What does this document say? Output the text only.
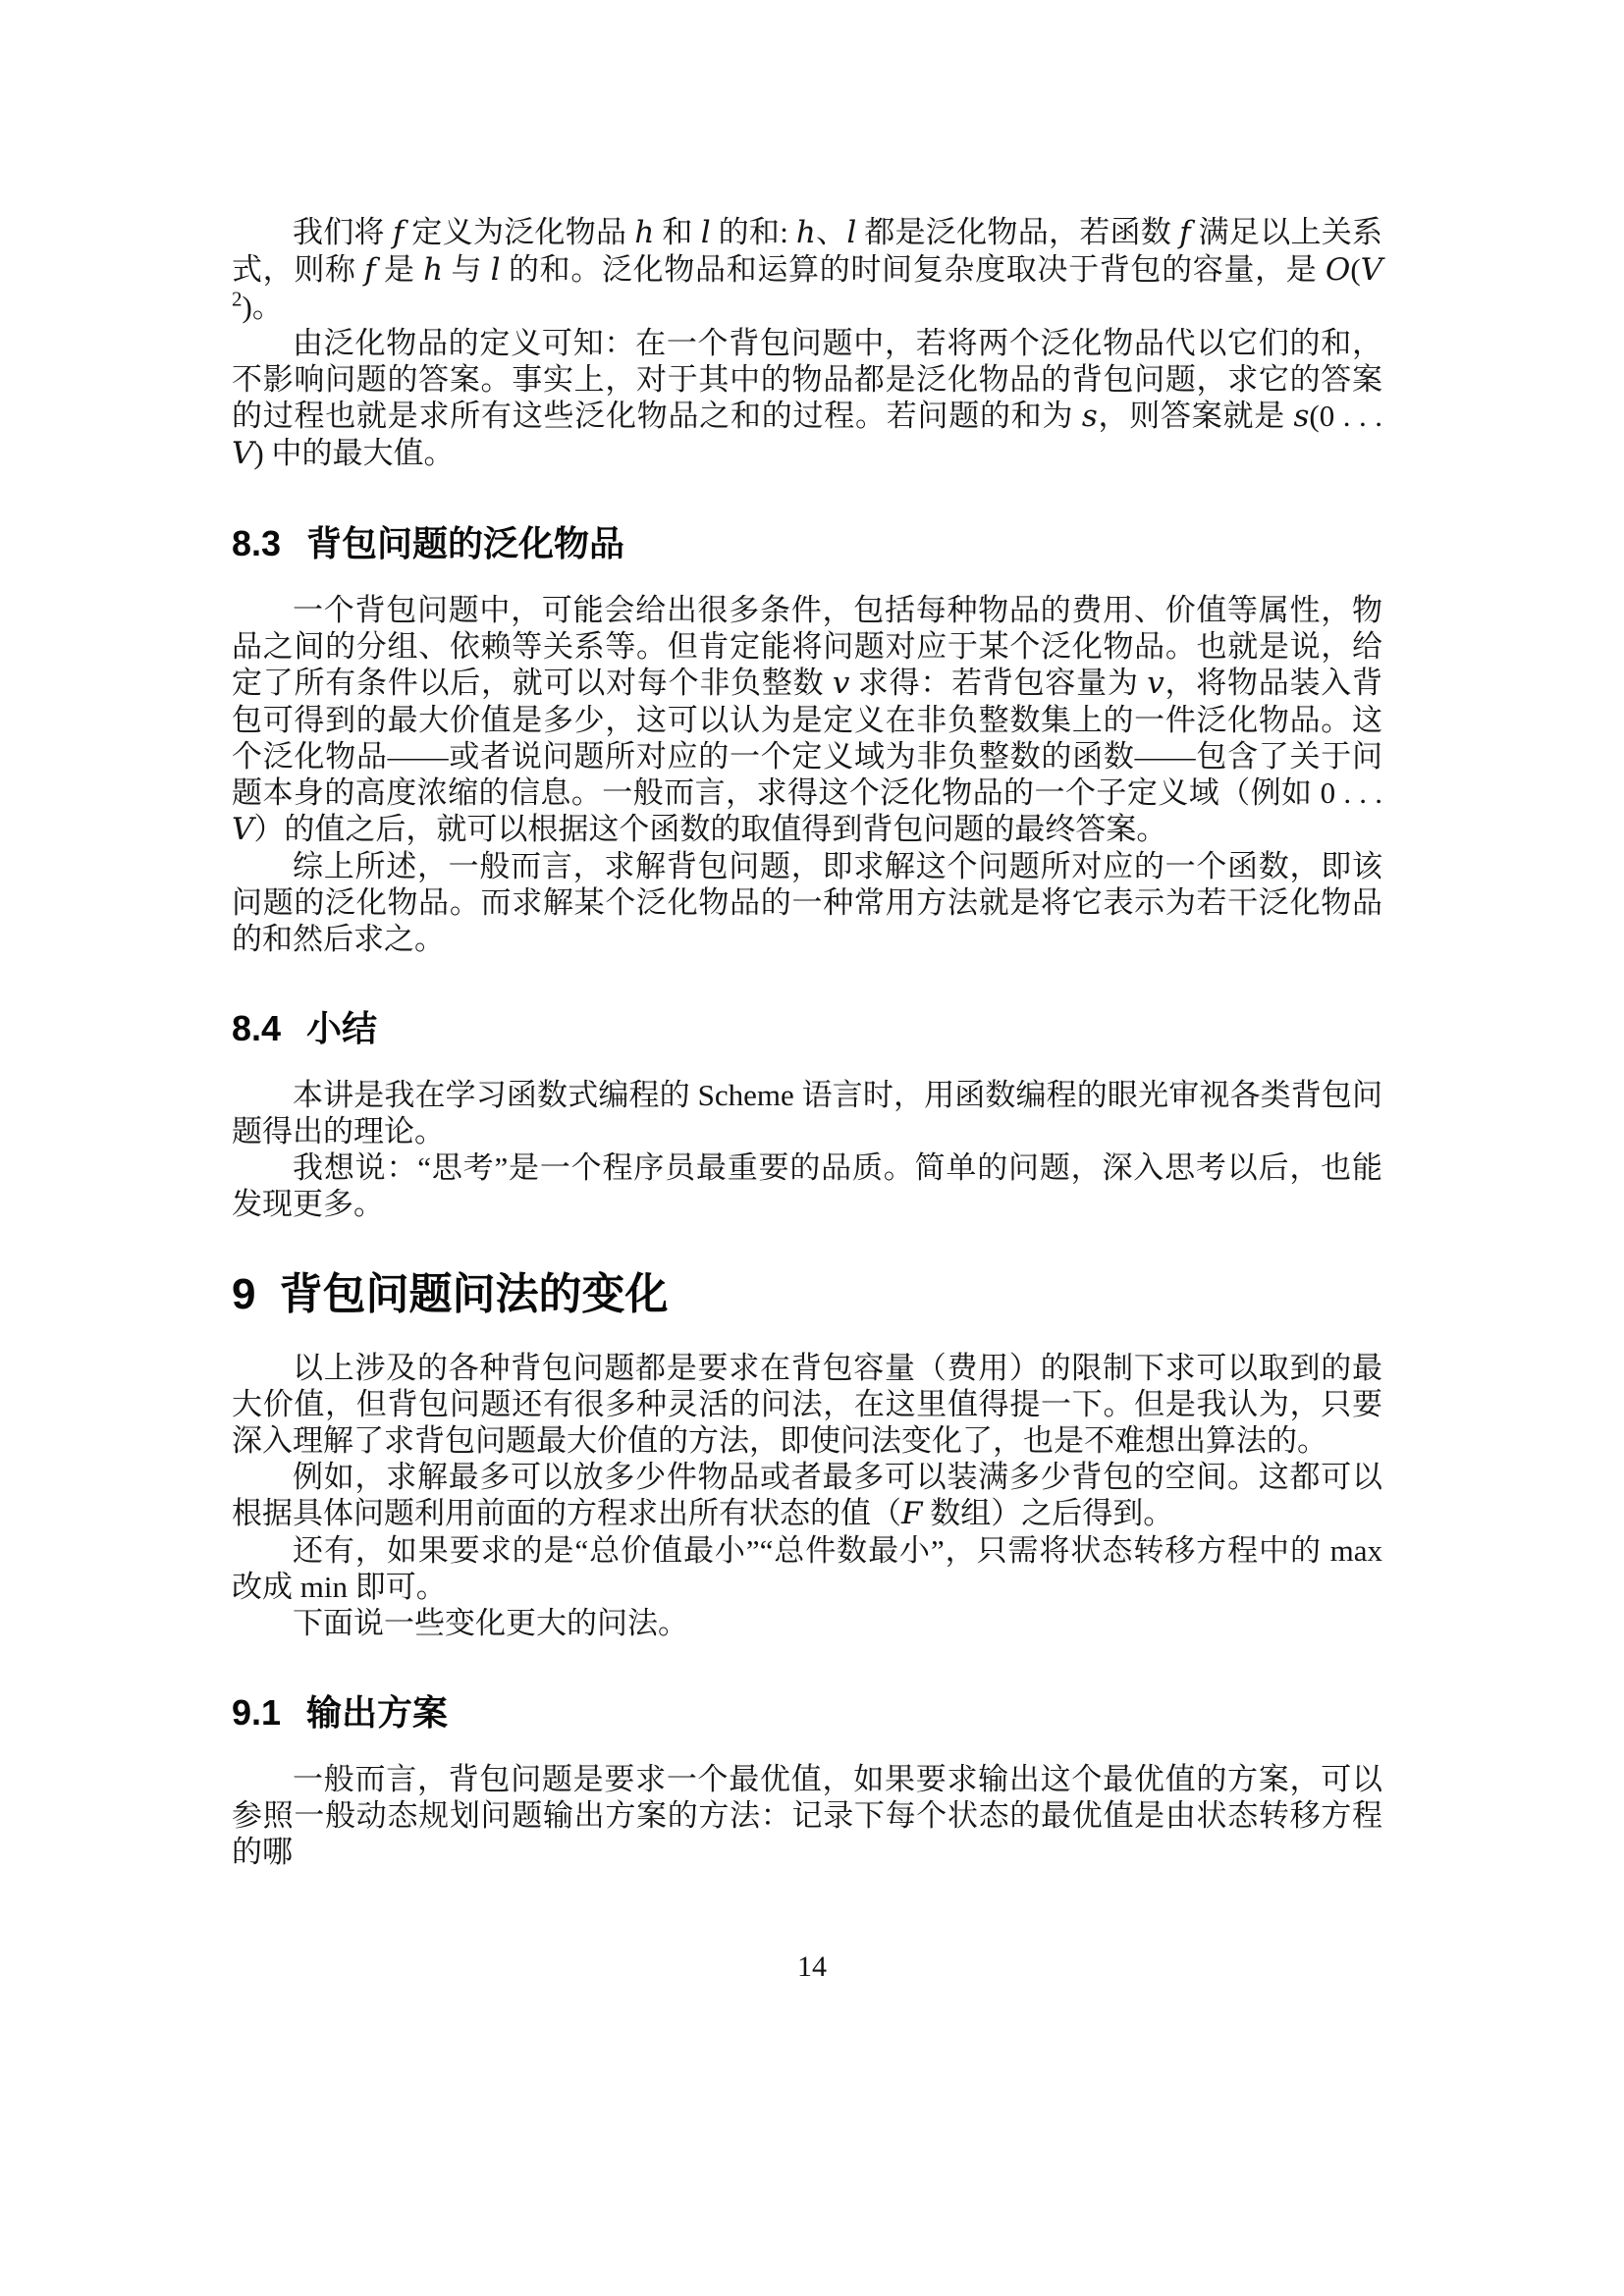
我们将 f 定义为泛化物品 h 和 l 的和: h、l 都是泛化物品，若函数 f 满足以上关系式，则称 f 是 h 与 l 的和。泛化物品和运算的时间复杂度取决于背包的容量，是 $O(V^2)$。

由泛化物品的定义可知：在一个背包问题中，若将两个泛化物品代以它们的和，不影响问题的答案。事实上，对于其中的物品都是泛化物品的背包问题，求它的答案的过程也就是求所有这些泛化物品之和的过程。若问题的和为 s，则答案就是 s(0 . . . V) 中的最大值。

8.3 背包问题的泛化物品

一个背包问题中，可能会给出很多条件，包括每种物品的费用、价值等属性，物品之间的分组、依赖等关系等。但肯定能将问题对应于某个泛化物品。也就是说，给定了所有条件以后，就可以对每个非负整数 v 求得：若背包容量为 v，将物品装入背包可得到的最大价值是多少，这可以认为是定义在非负整数集上的一件泛化物品。这个泛化物品——或者说问题所对应的一个定义域为非负整数的函数——包含了关于问题本身的高度浓缩的信息。一般而言，求得这个泛化物品的一个子定义域（例如 0 . . . V）的值之后，就可以根据这个函数的取值得到背包问题的最终答案。

综上所述，一般而言，求解背包问题，即求解这个问题所对应的一个函数，即该问题的泛化物品。而求解某个泛化物品的一种常用方法就是将它表示为若干泛化物品的和然后求之。

8.4 小结

本讲是我在学习函数式编程的 Scheme 语言时，用函数编程的眼光审视各类背包问题得出的理论。

我想说：“思考”是一个程序员最重要的品质。简单的问题，深入思考以后，也能发现更多。

9 背包问题问法的变化

以上涉及的各种背包问题都是要求在背包容量（费用）的限制下求可以取到的最大价值，但背包问题还有很多种灵活的问法，在这里值得提一下。但是我认为，只要深入理解了求背包问题最大价值的方法，即使问法变化了，也是不难想出算法的。

例如，求解最多可以放多少件物品或者最多可以装满多少背包的空间。这都可以根据具体问题利用前面的方程求出所有状态的值（F 数组）之后得到。

还有，如果要求的是“总价值最小”“总件数最小”，只需将状态转移方程中的 max 改成 min 即可。

下面说一些变化更大的问法。

9.1 输出方案

一般而言，背包问题是要求一个最优值，如果要求输出这个最优值的方案，可以参照一般动态规划问题输出方案的方法：记录下每个状态的最优值是由状态转移方程的哪

14
